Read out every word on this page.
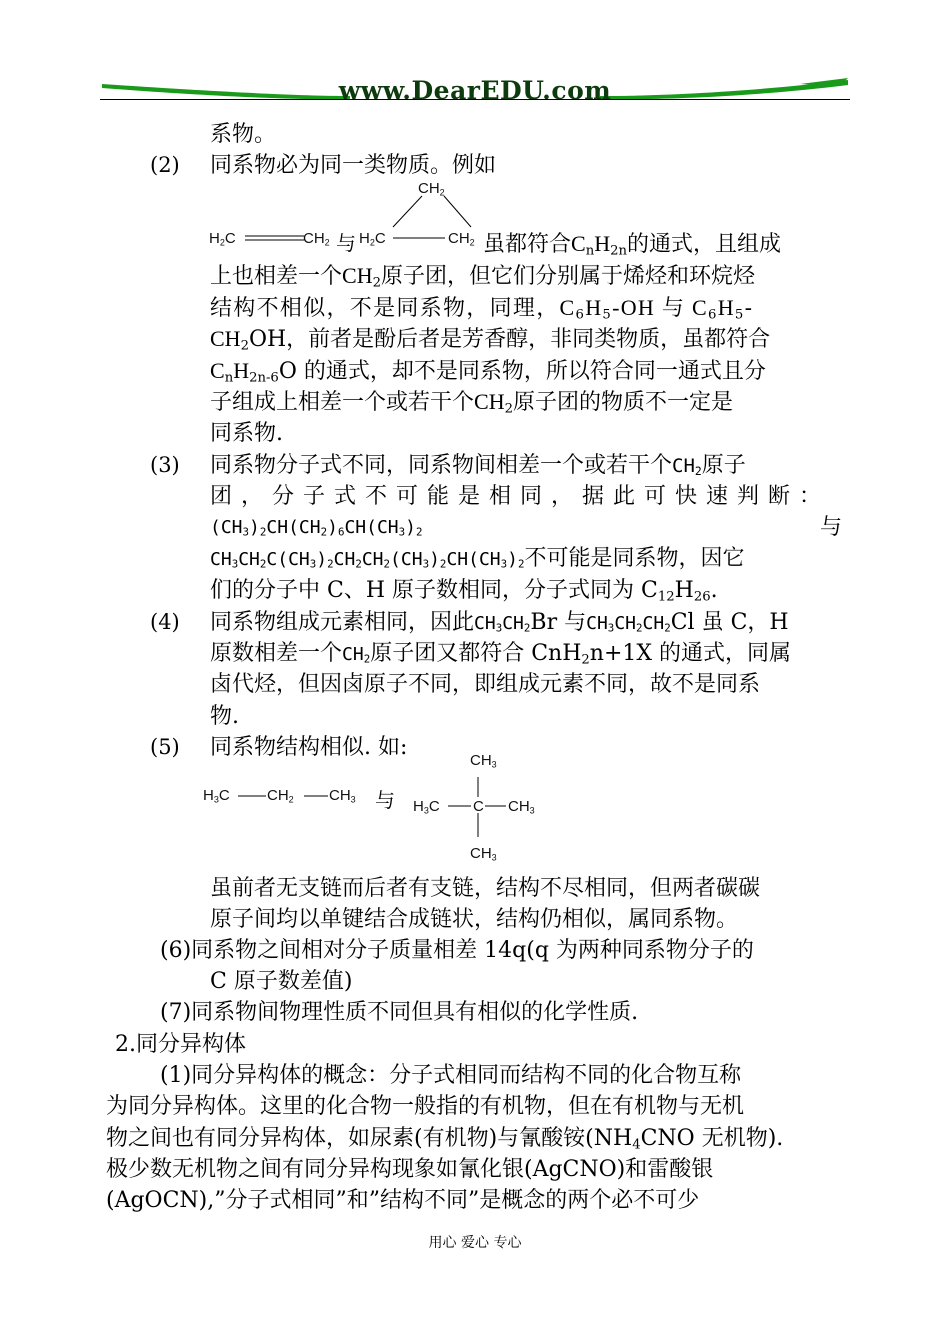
www.DearEDU.com
系物。
(2) 同系物必为同一类物质。例如
$H_2C$	$CH_2$ 与 $H_2C$
$CH_2$
$CH_2$ 虽都符合$C_nH_{2n}$的通式，且组成
上也相差一个$CH_2$原子团，但它们分别属于烯烃和环烷烃
结构不相似，不是同系物，同理，$C_6H_5-OH$ 与 $C_6H_5-$
$CH_2OH$，前者是酚后者是芳香醇，非同类物质，虽都符合
$C_nH_{2n-6}O$ 的通式，却不是同系物，所以符合同一通式且分
子组成上相差一个或若干个$CH_2$原子团的物质不一定是
同系物.
(3) 同系物分子式不同，同系物间相差一个或若干个$CH_2$原子
团，分子式不可能是相同，据此可快速判断：
$(CH_3)_2CH(CH_2)_6CH(CH_3)_2$	与
$CH_3CH_2C(CH_3)_2CH_2CH_2(CH_3)_2CH(CH_3)_2$不可能是同系物，因它
们的分子中 C、H 原子数相同，分子式同为 $C_{12}H_{26}$.
(4) 同系物组成元素相同，因此$CH_3CH_2Br$ 与$CH_3CH_2CH_2Cl$ 虽 C，H
原数相差一个$CH_2$原子团又都符合 CnH$_2$n+1X 的通式，同属
卤代烃，但因卤原子不同，即组成元素不同，故不是同系
物.
(5) 同系物结构相似. 如:
$H_3C$ $CH_2$ $CH_3$ 与
$CH_3$
$H_3C$ C $CH_3$
$CH_3$
虽前者无支链而后者有支链，结构不尽相同，但两者碳碳
原子间均以单键结合成链状，结构仍相似，属同系物。
(6)同系物之间相对分子质量相差 14q(q 为两种同系物分子的
C 原子数差值)
(7)同系物间物理性质不同但具有相似的化学性质.
2.同分异构体
(1)同分异构体的概念：分子式相同而结构不同的化合物互称
为同分异构体。这里的化合物一般指的有机物，但在有机物与无机
物之间也有同分异构体，如尿素(有机物)与氰酸铵($NH_4CNO$ 无机物).
极少数无机物之间有同分异构现象如氰化银(AgCNO)和雷酸银
(AgOCN),”分子式相同”和”结构不同”是概念的两个必不可少
用心 爱心 专心
